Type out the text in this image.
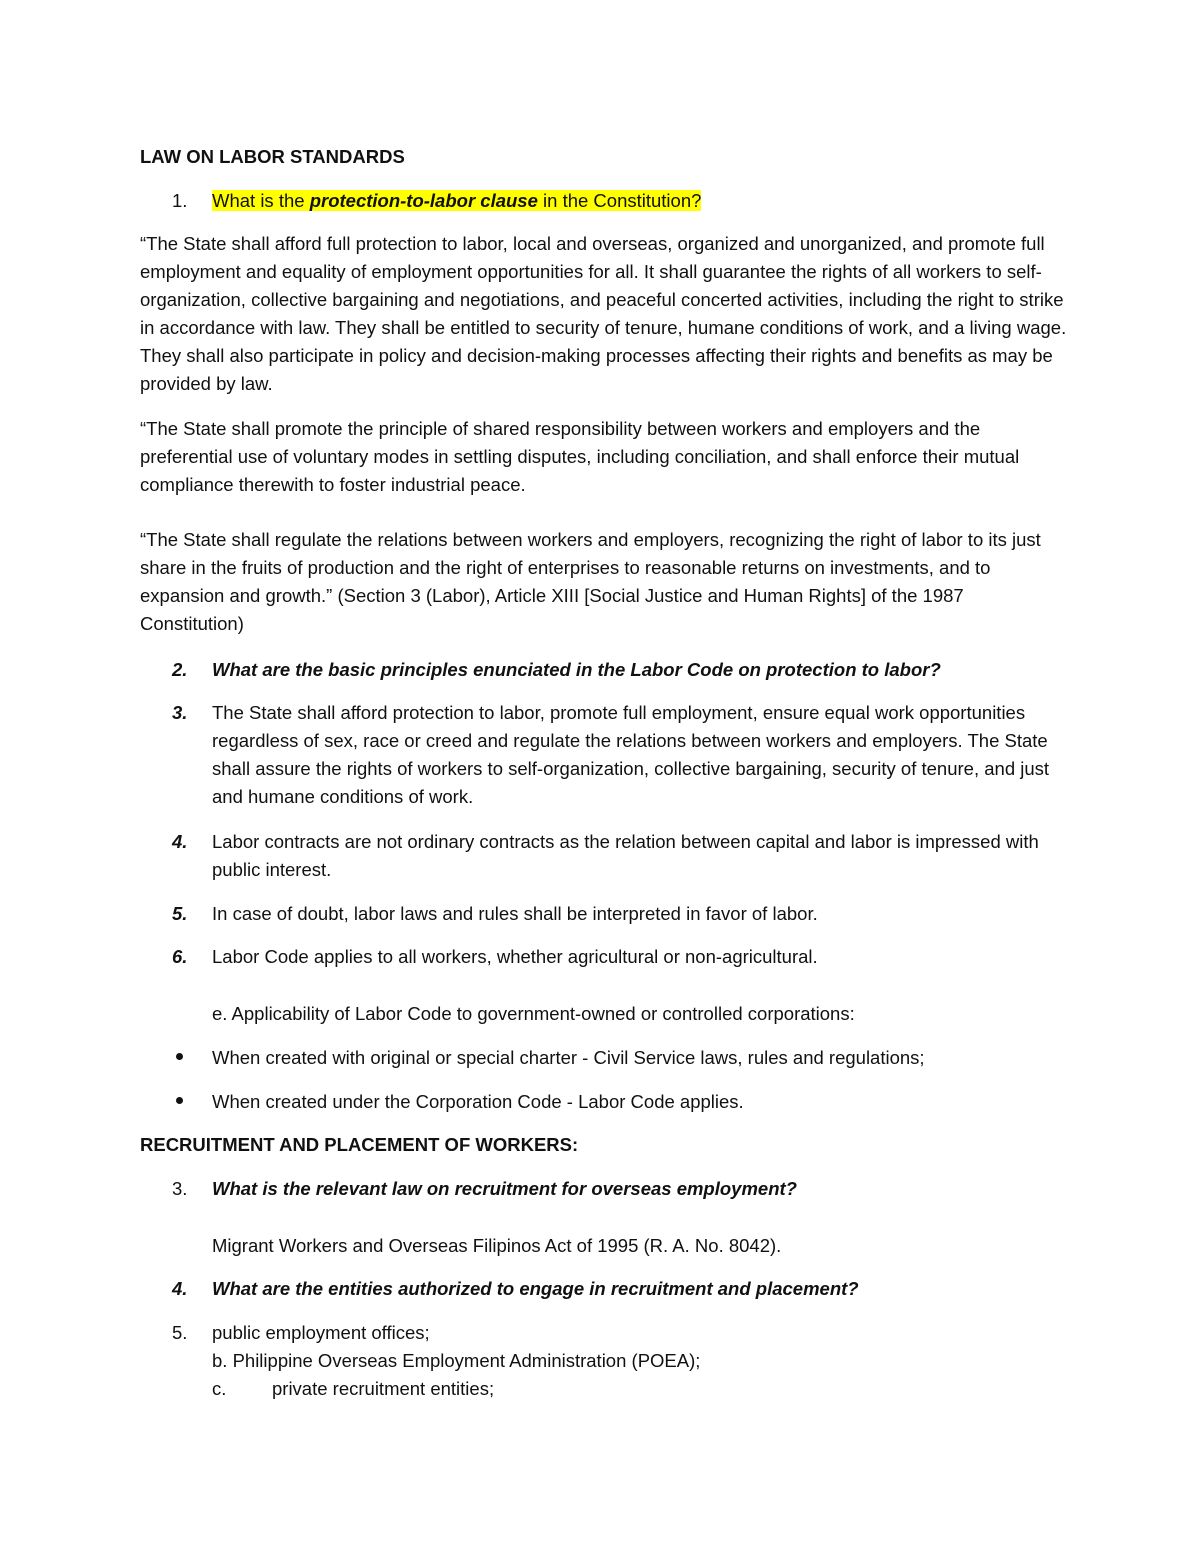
LAW ON LABOR STANDARDS
1. What is the protection-to-labor clause in the Constitution?

“The State shall afford full protection to labor, local and overseas, organized and unorganized, and promote full employment and equality of employment opportunities for all. It shall guarantee the rights of all workers to self-organization, collective bargaining and negotiations, and peaceful concerted activities, including the right to strike in accordance with law. They shall be entitled to security of tenure, humane conditions of work, and a living wage. They shall also participate in policy and decision-making processes affecting their rights and benefits as may be provided by law.

“The State shall promote the principle of shared responsibility between workers and employers and the preferential use of voluntary modes in settling disputes, including conciliation, and shall enforce their mutual compliance therewith to foster industrial peace.

“The State shall regulate the relations between workers and employers, recognizing the right of labor to its just share in the fruits of production and the right of enterprises to reasonable returns on investments, and to expansion and growth.” (Section 3 (Labor), Article XIII [Social Justice and Human Rights] of the 1987 Constitution)

2. What are the basic principles enunciated in the Labor Code on protection to labor?

3. The State shall afford protection to labor, promote full employment, ensure equal work opportunities regardless of sex, race or creed and regulate the relations between workers and employers. The State shall assure the rights of workers to self-organization, collective bargaining, security of tenure, and just and humane conditions of work.

4. Labor contracts are not ordinary contracts as the relation between capital and labor is impressed with public interest.

5. In case of doubt, labor laws and rules shall be interpreted in favor of labor.

6. Labor Code applies to all workers, whether agricultural or non-agricultural.

e. Applicability of Labor Code to government-owned or controlled corporations:

When created with original or special charter - Civil Service laws, rules and regulations;

When created under the Corporation Code - Labor Code applies.

RECRUITMENT AND PLACEMENT OF WORKERS:
3. What is the relevant law on recruitment for overseas employment?

Migrant Workers and Overseas Filipinos Act of 1995 (R. A. No. 8042).

4. What are the entities authorized to engage in recruitment and placement?

5. public employment offices;

b. Philippine Overseas Employment Administration (POEA);

c.	private recruitment entities;
